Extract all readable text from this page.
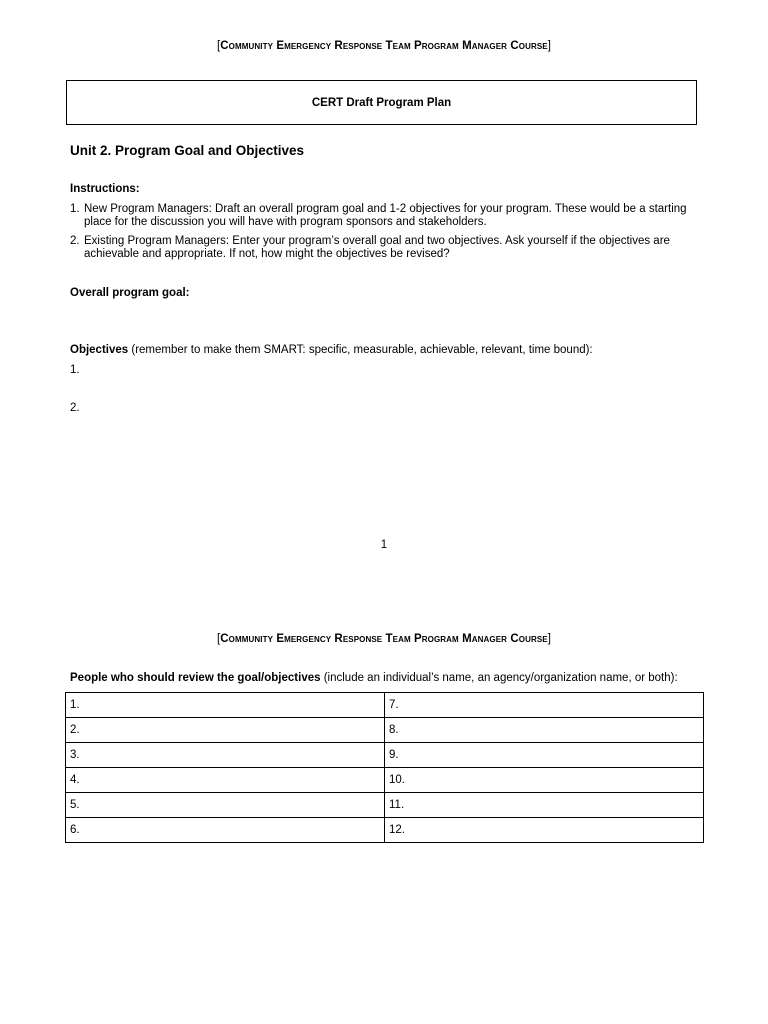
[Community Emergency Response Team Program Manager Course]
CERT Draft Program Plan
Unit 2. Program Goal and Objectives
Instructions:
1. New Program Managers: Draft an overall program goal and 1-2 objectives for your program. These would be a starting place for the discussion you will have with program sponsors and stakeholders.
2. Existing Program Managers: Enter your program’s overall goal and two objectives. Ask yourself if the objectives are achievable and appropriate. If not, how might the objectives be revised?
Overall program goal:
Objectives (remember to make them SMART: specific, measurable, achievable, relevant, time bound):
1.
2.
1
[Community Emergency Response Team Program Manager Course]
People who should review the goal/objectives (include an individual’s name, an agency/organization name, or both):
1.	7.
2.	8.
3.	9.
4.	10.
5.	11.
6.	12.
